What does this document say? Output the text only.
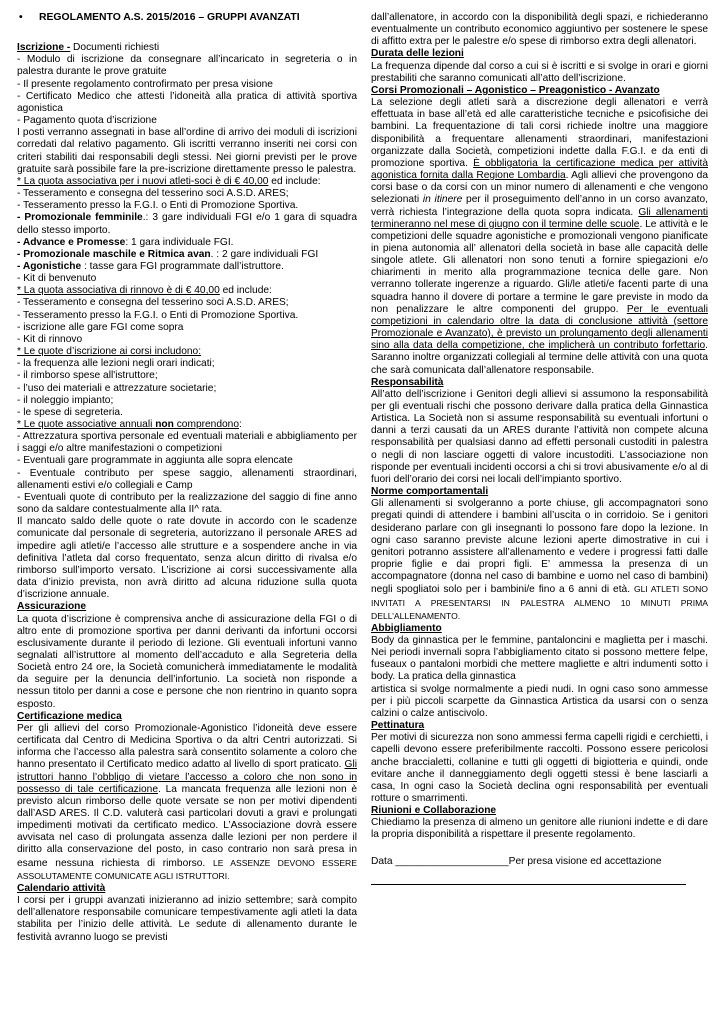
• REGOLAMENTO A.S. 2015/2016 – GRUPPI AVANZATI

Iscrizione - Documenti richiesti

- Modulo di iscrizione da consegnare all’incaricato in segreteria o in palestra durante le prove gratuite

- Il presente regolamento controfirmato per presa visione

- Certificato Medico che attesti l’idoneità alla pratica di attività sportiva agonistica

- Pagamento quota d’iscrizione

I posti verranno assegnati in base all’ordine di arrivo dei moduli di iscrizioni corredati dal relativo pagamento. Gli iscritti verranno inseriti nei corsi con criteri stabiliti dai responsabili degli stessi. Nei giorni previsti per le prove gratuite sarà possibile fare la pre-iscrizione direttamente presso le palestra.

* La quota associativa per i nuovi atleti-soci è di € 40,00 ed include:

- Tesseramento e consegna del tesserino soci A.S.D. ARES;

- Tesseramento presso la F.G.I. o Enti di Promozione Sportiva.

- Promozionale femminile.: 3 gare individuali FGI e/o 1 gara di squadra dello stesso importo.

- Advance e Promesse: 1 gara individuale FGI.

- Promozionale maschile e Ritmica avan. : 2 gare individuali FGI

- Agonistiche : tasse gara FGI programmate dall’istruttore.

- Kit di benvenuto

* La quota associativa di rinnovo è di € 40,00 ed include:

- Tesseramento e consegna del tesserino soci A.S.D. ARES;

- Tesseramento presso la F.G.I. o Enti di Promozione Sportiva.

- iscrizione alle gare FGI come sopra

- Kit di rinnovo

* Le quote d’iscrizione ai corsi includono:

- la frequenza alle lezioni negli orari indicati;

- il rimborso spese all'istruttore;

- l’uso dei materiali e attrezzature societarie;

- il noleggio impianto;

- le spese di segreteria.

* Le quote associative annuali non comprendono:

- Attrezzatura sportiva personale ed eventuali materiali e abbigliamento per i saggi e/o altre manifestazioni o competizioni

- Eventuali gare programmate in aggiunta alle sopra elencate

- Eventuale contributo per spese saggio, allenamenti straordinari, allenamenti estivi e/o collegiali e Camp

- Eventuali quote di contributo per la realizzazione del saggio di fine anno sono da saldare contestualmente alla II^ rata.

Il mancato saldo delle quote o rate dovute in accordo con le scadenze comunicate dal personale di segreteria, autorizzano il personale ARES ad impedire agli atleti/e l’accesso alle strutture e a sospendere anche in via definitiva l’atleta dal corso frequentato, senza alcun diritto di rivalsa e/o rimborso sull’importo versato. L’iscrizione ai corsi successivamente alla data d’inizio prevista, non avrà diritto ad alcuna riduzione sulla quota d’iscrizione annuale.

Assicurazione

La quota d’iscrizione è comprensiva anche di assicurazione della FGI o di altro ente di promozione sportiva per danni derivanti da infortuni occorsi esclusivamente durante il periodo di lezione. Gli eventuali infortuni vanno segnalati all’istruttore al momento dell’accaduto e alla Segreteria della Società entro 24 ore, la Società comunicherà immediatamente le modalità da seguire per la denuncia dell’infortunio. La società non risponde a nessun titolo per danni a cose e persone che non rientrino in quanto sopra esposto.

Certificazione medica

Per gli allievi del corso Promozionale-Agonistico l’idoneità deve essere certificata dal Centro di Medicina Sportiva o da altri Centri autorizzati. Si informa che l’accesso alla palestra sarà consentito solamente a coloro che hanno presentato il Certificato medico adatto al livello di sport praticato. Gli istruttori hanno l’obbligo di vietare l’accesso a coloro che non sono in possesso di tale certificazione. La mancata frequenza alle lezioni non è previsto alcun rimborso delle quote versate se non per motivi dipendenti dall’ASD ARES. Il C.D. valuterà casi particolari dovuti a gravi e prolungati impedimenti motivati da certificato medico. L’Associazione dovrà essere avvisata nel caso di prolungata assenza dalle lezioni per non perdere il diritto alla conservazione del posto, in caso contrario non sarà presa in esame nessuna richiesta di rimborso. LE ASSENZE DEVONO ESSERE ASSOLUTAMENTE COMUNICATE AGLI ISTRUTTORI.

Calendario attività

I corsi per i gruppi avanzati inizieranno ad inizio settembre; sarà compito dell’allenatore responsabile comunicare tempestivamente agli atleti la data stabilita per l’inizio delle attività. Le sedute di allenamento durante le festività avranno luogo se previsti

dall’allenatore, in accordo con la disponibilità degli spazi, e richiederanno eventualmente un contributo economico aggiuntivo per sostenere le spese di affitto extra per le palestre e/o spese di rimborso extra degli allenatori.

Durata delle lezioni

La frequenza dipende dal corso a cui si è iscritti e si svolge in orari e giorni prestabiliti che saranno comunicati all’atto dell’iscrizione.

Corsi Promozionali – Agonistico – Preagonistico - Avanzato

La selezione degli atleti sarà a discrezione degli allenatori e verrà effettuata in base all’età ed alle caratteristiche tecniche e psicofisiche dei bambini. La frequentazione di tali corsi richiede inoltre una maggiore disponibilità a frequentare allenamenti straordinari, manifestazioni organizzate dalla Società, competizioni indette dalla F.G.I. e da enti di promozione sportiva. È obbligatoria la certificazione medica per attività agonistica fornita dalla Regione Lombardia. Agli allievi che provengono da corsi base o da corsi con un minor numero di allenamenti e che vengono selezionati in itinere per il proseguimento dell’anno in un corso avanzato, verrà richiesta l’integrazione della quota sopra indicata. Gli allenamenti termineranno nel mese di giugno con il termine delle scuole. Le attività e le competizioni delle squadre agonistiche e promozionali vengono pianificate in piena autonomia all’ allenatori della società in base alle capacità delle singole atlete. Gli allenatori non sono tenuti a fornire spiegazioni e/o chiarimenti in merito alla programmazione tecnica delle gare. Non verranno tollerate ingerenze a riguardo. Gli/le atleti/e facenti parte di una squadra hanno il dovere di portare a termine le gare previste in modo da non penalizzare le altre componenti del gruppo. Per le eventuali competizioni in calendario oltre la data di conclusione attività (settore Promozionale e Avanzato), è previsto un prolungamento degli allenamenti sino alla data della competizione, che implicherà un contributo forfettario. Saranno inoltre organizzati collegiali al termine delle attività con una quota che sarà comunicata dall’allenatore responsabile.

Responsabilità

All’atto dell’iscrizione i Genitori degli allievi si assumono la responsabilità per gli eventuali rischi che possono derivare dalla pratica della Ginnastica Artistica. La Società non si assume responsabilità su eventuali infortuni o danni a terzi causati da un ARES durante l’attività non compete alcuna responsabilità per qualsiasi danno ad effetti personali custoditi in palestra o negli di non lasciare oggetti di valore incustoditi. L’associazione non risponde per eventuali incidenti occorsi a chi si trovi abusivamente e/o al di fuori dell’orario dei corsi nei locali dell’impianto sportivo.

Norme comportamentali

Gli allenamenti si svolgeranno a porte chiuse, gli accompagnatori sono pregati quindi di attendere i bambini all’uscita o in corridoio. Se i genitori desiderano parlare con gli insegnanti lo possono fare dopo la lezione. In ogni caso saranno previste alcune lezioni aperte dimostrative in cui i genitori potranno assistere all’allenamento e vedere i progressi fatti dalle proprie figlie e dai propri figli. E’ ammessa la presenza di un accompagnatore (donna nel caso di bambine e uomo nel caso di bambini) negli spogliatoi solo per i bambini/e fino a 6 anni di età. GLI ATLETI SONO INVITATI A PRESENTARSI IN PALESTRA ALMENO 10 MINUTI PRIMA DELL’ALLENAMENTO.

Abbigliamento

Body da ginnastica per le femmine, pantaloncini e maglietta per i maschi. Nei periodi invernali sopra l’abbigliamento citato si possono mettere felpe, fuseaux o pantaloni morbidi che mettere magliette e altri indumenti sotto i body. La pratica della ginnastica

artistica si svolge normalmente a piedi nudi. In ogni caso sono ammesse per i più piccoli scarpette da Ginnastica Artistica da usarsi con o senza calzini o calze antiscivolo.

Pettinatura

Per motivi di sicurezza non sono ammessi ferma capelli rigidi e cerchietti, i capelli devono essere preferibilmente raccolti. Possono essere pericolosi anche braccialetti, collanine e tutti gli oggetti di bigiotteria e quindi, onde evitare anche il danneggiamento degli oggetti stessi è bene lasciarli a casa, In ogni caso la Società declina ogni responsabilità per eventuali rotture o smarrimenti.

Riunioni e Collaborazione

Chiediamo la presenza di almeno un genitore alle riunioni indette e di dare la propria disponibilità a rispettare il presente regolamento.

Data ____________________Per presa visione ed accettazione
